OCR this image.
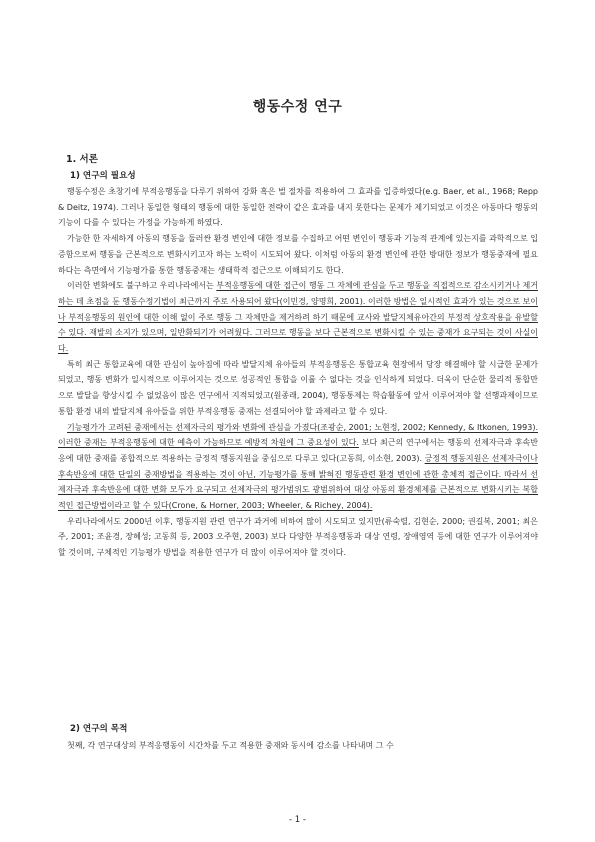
행동수정 연구
1. 서론
1) 연구의 필요성

행동수정은 초창기에 부적응행동을 다루기 위하여 강화 혹은 벌 절차를 적용하여 그 효과를 입증하였다(e.g. Baer, et al., 1968; Repp & Deitz, 1974). 그러나 동일한 형태의 행동에 대한 동일한 전략이 같은 효과를 내지 못한다는 문제가 제기되었고 이것은 아동마다 행동의 기능이 다를 수 있다는 가정을 가능하게 하였다.

가능한 한 자세하게 아동의 행동을 둘러싼 환경 변인에 대한 정보를 수집하고 어떤 변인이 행동과 기능적 관계에 있는지를 과학적으로 입증함으로써 행동을 근본적으로 변화시키고자 하는 노력이 시도되어 왔다. 이처럼 아동의 환경 변인에 관한 방대한 정보가 행동중재에 필요하다는 측면에서 기능평가를 통한 행동중재는 생태학적 접근으로 이해되기도 한다.

이러한 변화에도 불구하고 우리나라에서는 부적응행동에 대한 접근이 행동 그 자체에 관심을 두고 행동을 직접적으로 감소시키거나 제거하는 데 초점을 둔 행동수정기법이 최근까지 주로 사용되어 왔다(이민경, 양명희, 2001). 이러한 방법은 일시적인 효과가 있는 것으로 보이나 부적응행동의 원인에 대한 이해 없이 주로 행동 그 자체만을 제거하려 하기 때문에 교사와 발달지체유아간의 부정적 상호작용을 유발할 수 있다. 재발의 소지가 있으며, 일반화되기가 어려웠다. 그러므로 행동을 보다 근본적으로 변화시킬 수 있는 중재가 요구되는 것이 사실이다.

특히 최근 통합교육에 대한 관심이 높아짐에 따라 발달지체 유아들의 부적응행동은 통합교육 현장에서 당장 해결해야 할 시급한 문제가 되었고, 행동 변화가 일시적으로 이루어지는 것으로 성공적인 통합을 이룰 수 없다는 것을 인식하게 되었다. 더욱이 단순한 물리적 통합만으로 발달을 향상시킬 수 없었음이 많은 연구에서 지적되었고(원종래, 2004), 행동통제는 학습활동에 앞서 이루어져야 할 선행과제이므로 통합 환경 내의 발달지체 유아들을 위한 부적응행동 중재는 선결되어야 할 과제라고 할 수 있다.

기능평가가 고려된 중재에서는 선제자극의 평가와 변화에 관심을 가졌다(조광순, 2001; 노현정, 2002; Kennedy, & Itkonen, 1993). 이러한 중재는 부적응행동에 대한 예측이 가능하므로 예방적 차원에 그 중요성이 있다. 보다 최근의 연구에서는 행동의 선제자극과 후속반응에 대한 중재를 종합적으로 적용하는 긍정적 행동지원을 중심으로 다루고 있다(고동희, 이소현, 2003). 긍정적 행동지원은 선제자극이나 후속반응에 대한 단일의 중재방법을 적용하는 것이 아닌, 기능평가를 통해 밝혀진 행동관련 환경 변인에 관한 총체적 접근이다. 따라서 선제자극과 후속반응에 대한 변화 모두가 요구되고 선제자극의 평가범위도 광범위하여 대상 아동의 환경체제를 근본적으로 변화시키는 복합적인 접근방법이라고 할 수 있다(Crone, & Horner, 2003; Wheeler, & Richey, 2004).

우리나라에서도 2000년 이후, 행동지원 관련 연구가 과거에 비하여 많이 시도되고 있지만(류숙렬, 김현순, 2000; 권길복, 2001; 최은주, 2001; 조윤경, 장혜성; 고동희 등, 2003 오주현, 2003) 보다 다양한 부적응행동과 대상 연령, 장애영역 등에 대한 연구가 이루어져야 할 것이며, 구체적인 기능평가 방법을 적용한 연구가 더 많이 이루어져야 할 것이다.

2) 연구의 목적

첫째, 각 연구대상의 부적응행동이 시간차를 두고 적용한 중재와 동시에 감소를 나타내며 그 수

- 1 -
